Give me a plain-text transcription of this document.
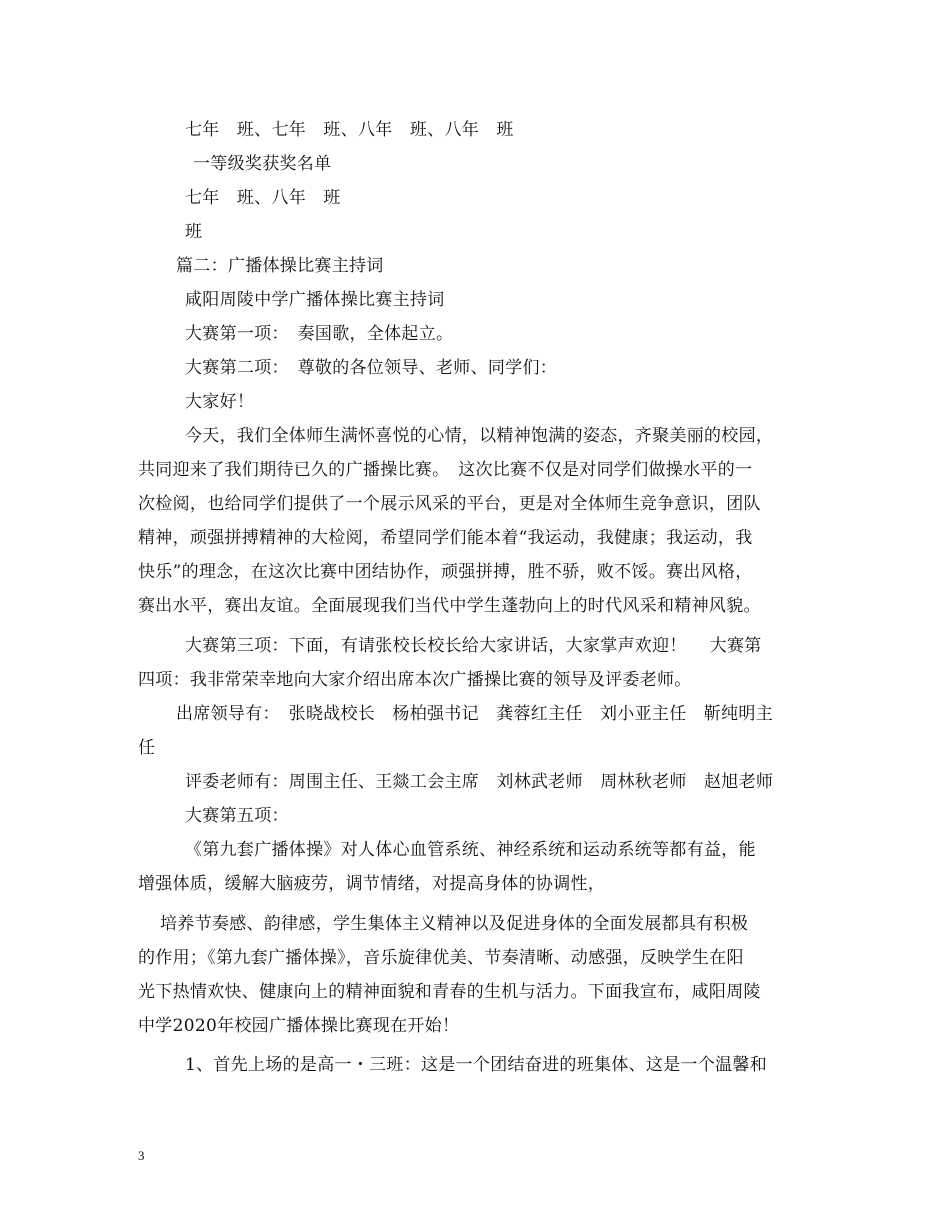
七年　班、七年　班、八年　班、八年　班
一等级奖获奖名单
七年　班、八年　班
班
篇二：广播体操比赛主持词
咸阳周陵中学广播体操比赛主持词
大赛第一项：　奏国歌，全体起立。
大赛第二项：　尊敬的各位领导、老师、同学们：
大家好！
今天，我们全体师生满怀喜悦的心情，以精神饱满的姿态，齐聚美丽的校园，
共同迎来了我们期待已久的广播操比赛。　这次比赛不仅是对同学们做操水平的一
次检阅，也给同学们提供了一个展示风采的平台，更是对全体师生竞争意识，团队
精神，顽强拼搏精神的大检阅，希望同学们能本着“我运动，我健康；我运动，我
快乐”的理念，在这次比赛中团结协作，顽强拼搏，胜不骄，败不馁。赛出风格，
赛出水平，赛出友谊。全面展现我们当代中学生蓬勃向上的时代风采和精神风貌。
大赛第三项：下面，有请张校长校长给大家讲话，大家掌声欢迎！　 大赛第
四项：我非常荣幸地向大家介绍出席本次广播操比赛的领导及评委老师。
出席领导有：　张晓战校长　杨柏强书记　龚蓉红主任　刘小亚主任　靳纯明主
任
评委老师有：周围主任、王燚工会主席　刘林武老师　周林秋老师　赵旭老师
大赛第五项：
《第九套广播体操》对人体心血管系统、神经系统和运动系统等都有益，能
增强体质，缓解大脑疲劳，调节情绪，对提高身体的协调性，
培养节奏感、韵律感，学生集体主义精神以及促进身体的全面发展都具有积极
的作用；《第九套广播体操》，音乐旋律优美、节奏清晰、动感强，反映学生在阳
光下热情欢快、健康向上的精神面貌和青春的生机与活力。下面我宣布，咸阳周陵
中学2020年校园广播体操比赛现在开始！
1、首先上场的是高一・三班：这是一个团结奋进的班集体、这是一个温馨和
3
